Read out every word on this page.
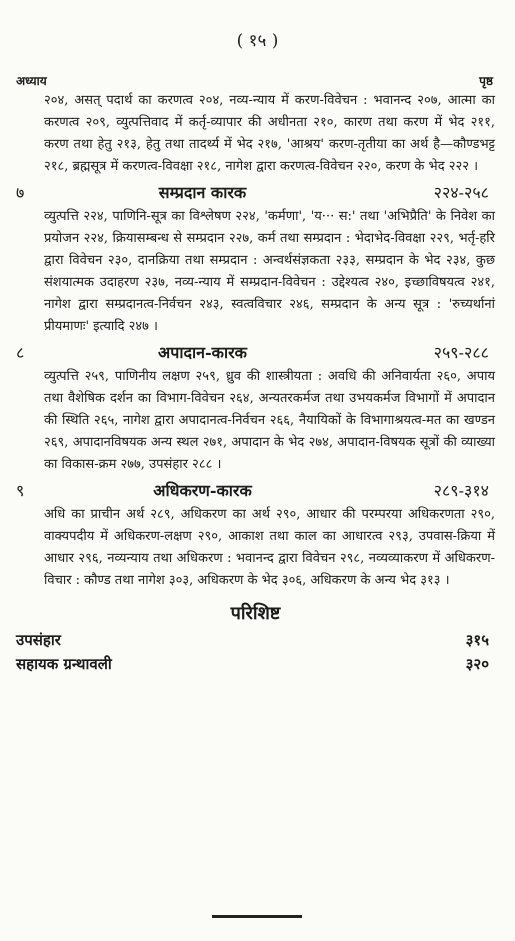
( १५ )
अध्याय	पृष्ठ

२०४, असत् पदार्थ का करणत्व २०४, नव्य-न्याय में करण-विवेचन : भवानन्द २०७, आत्मा का करणत्व २०९, व्युत्पत्तिवाद में कर्तृ-व्यापार की अधीनता २१०, कारण तथा करण में भेद २११, करण तथा हेतु २१३, हेतु तथा तादर्थ्य में भेद २१७, 'आश्रय' करण-तृतीया का अर्थ है—कौण्डभट्ट २१८, ब्रह्मसूत्र में करणत्व-विवक्षा २१८, नागेश द्वारा करणत्व-विवेचन २२०, करण के भेद २२२ ।

७	सम्प्रदान कारक	२२४-२५८

व्युत्पत्ति २२४, पाणिनि-सूत्र का विश्लेषण २२४, 'कर्मणा', 'य··· स:' तथा 'अभिप्रैति' के निवेश का प्रयोजन २२४, क्रियासम्बन्ध से सम्प्रदान २२७, कर्म तथा सम्प्रदान : भेदाभेद-विवक्षा २२९, भर्तृ-हरि द्वारा विवेचन २३०, दानक्रिया तथा सम्प्रदान : अन्वर्थसंज्ञकता २३३, सम्प्रदान के भेद २३४, कुछ संशयात्मक उदाहरण २३७, नव्य-न्याय में सम्प्रदान-विवेचन : उद्देश्यत्व २४०, इच्छाविषयत्व २४१, नागेश द्वारा सम्प्रदानत्व-निर्वचन २४३, स्वत्वविचार २४६, सम्प्रदान के अन्य सूत्र : 'रुच्यर्थानां प्रीयमाणः' इत्यादि २४७ ।

८	अपादान-कारक	२५९-२८८

व्युत्पत्ति २५९, पाणिनीय लक्षण २५९, ध्रुव की शास्त्रीयता : अवधि की अनिवार्यता २६०, अपाय तथा वैशेषिक दर्शन का विभाग-विवेचन २६४, अन्यतरकर्मज तथा उभयकर्मज विभागों में अपादान की स्थिति २६५, नागेश द्वारा अपादानत्व-निर्वचन २६६, नैयायिकों के विभागाश्रयत्व-मत का खण्डन २६९, अपादानविषयक अन्य स्थल २७१, अपादान के भेद २७४, अपादान-विषयक सूत्रों की व्याख्या का विकास-क्रम २७७, उपसंहार २८८ ।

९	अधिकरण-कारक	२८९-३१४

अधि का प्राचीन अर्थ २८९, अधिकरण का अर्थ २९०, आधार की परम्परया अधिकरणता २९०, वाक्यपदीय में अधिकरण-लक्षण २९०, आकाश तथा काल का आधारत्व २९३, उपवास-क्रिया में आधार २९६, नव्यन्याय तथा अधिकरण : भवानन्द द्वारा विवेचन २९८, नव्यव्याकरण में अधिकरण-विचार : कौण्ड तथा नागेश ३०३, अधिकरण के भेद ३०६, अधिकरण के अन्य भेद ३१३ ।

परिशिष्ट
उपसंहार	३१५
सहायक ग्रन्थावली	३२०
